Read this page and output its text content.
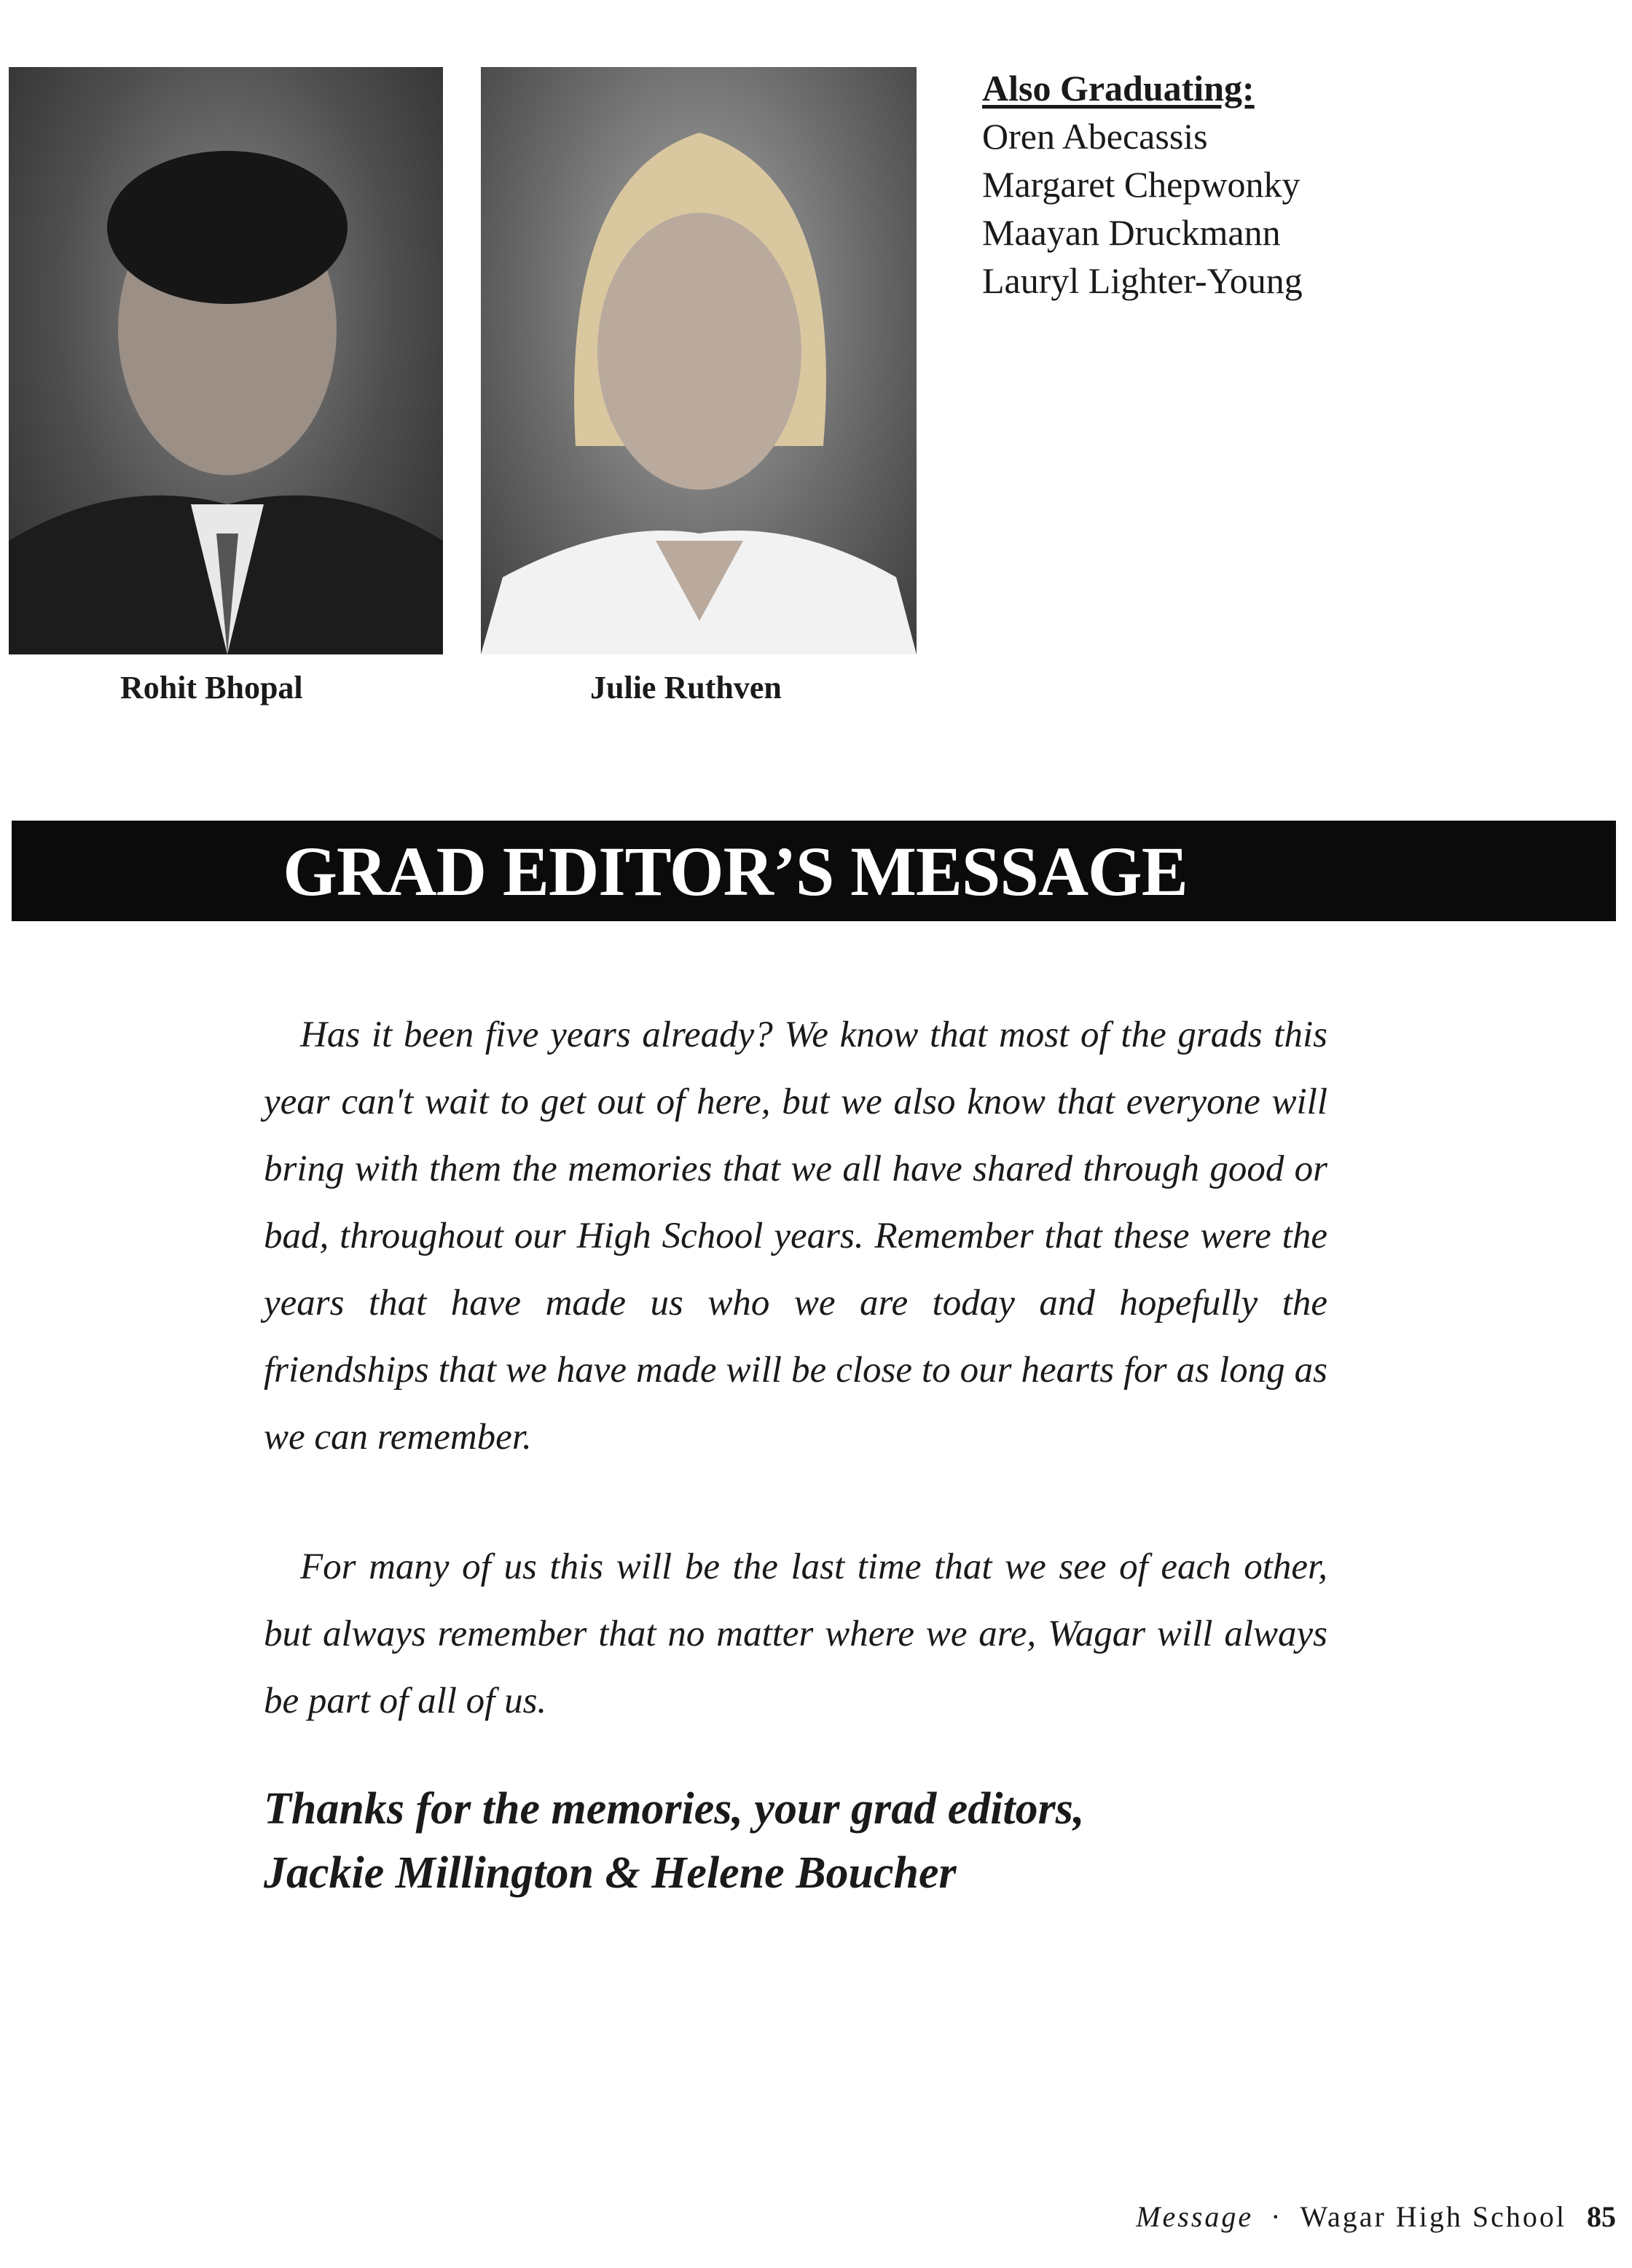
Rohit Bhopal	Julie Ruthven

Also Graduating:

Oren Abecassis
Margaret Chepwonky
Maayan Druckmann
Lauryl Lighter-Young
GRAD EDITOR’S MESSAGE

Has it been five years already? We know that most of the grads this year can't wait to get out of here, but we also know that everyone will bring with them the memories that we all have shared through good or bad, throughout our High School years. Remember that these were the years that have made us who we are today and hopefully the friendships that we have made will be close to our hearts for as long as we can remember.

For many of us this will be the last time that we see of each other, but always remember that no matter where we are, Wagar will always be part of all of us.

Thanks for the memories, your grad editors,
Jackie Millington & Helene Boucher
Message · Wagar High School 85
